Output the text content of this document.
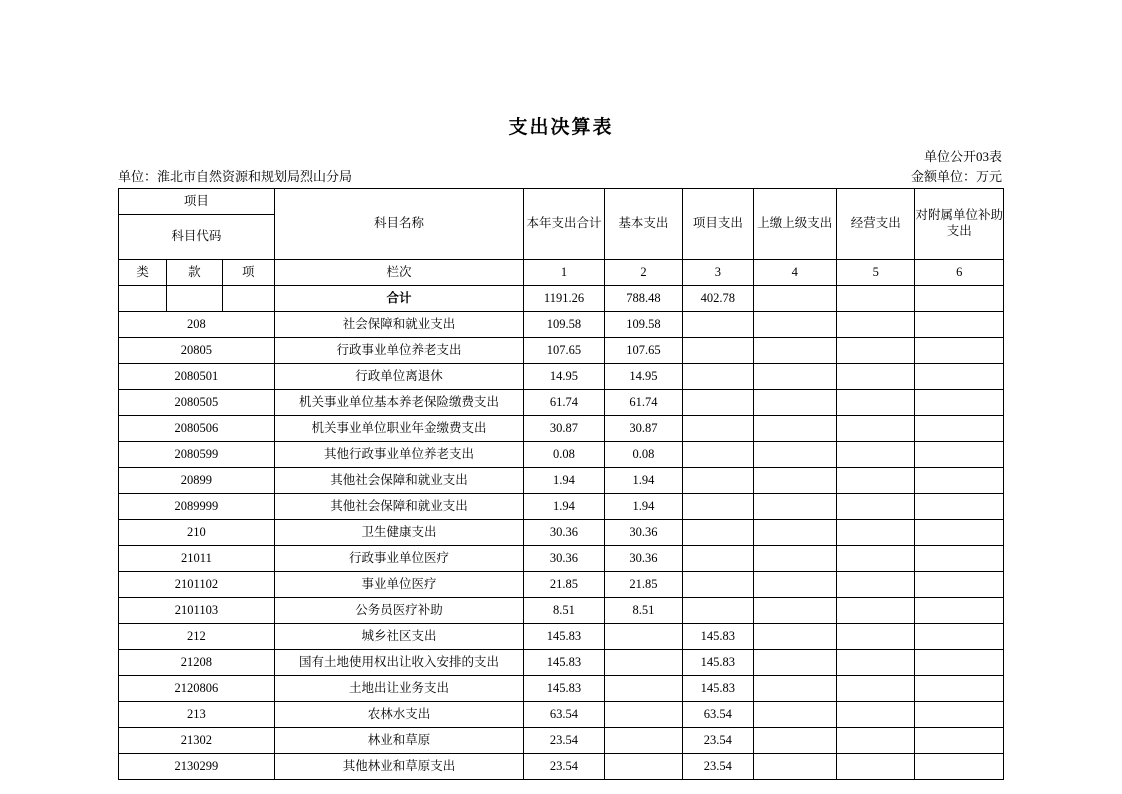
支出决算表
单位公开03表
单位：淮北市自然资源和规划局烈山分局	金额单位：万元
项目			科目名称	本年支出合计	基本支出	项目支出	上缴上级支出	经营支出	对附属单位补助支出
科目代码									
类	款	项	栏次	1	2	3	4	5	6
			合计	1191.26	788.48	402.78			
208			社会保障和就业支出	109.58	109.58				
20805			行政事业单位养老支出	107.65	107.65				
2080501			行政单位离退休	14.95	14.95				
2080505			机关事业单位基本养老保险缴费支出	61.74	61.74				
2080506			机关事业单位职业年金缴费支出	30.87	30.87				
2080599			其他行政事业单位养老支出	0.08	0.08				
20899			其他社会保障和就业支出	1.94	1.94				
2089999			其他社会保障和就业支出	1.94	1.94				
210			卫生健康支出	30.36	30.36				
21011			行政事业单位医疗	30.36	30.36				
2101102			事业单位医疗	21.85	21.85				
2101103			公务员医疗补助	8.51	8.51				
212			城乡社区支出	145.83		145.83			
21208			国有土地使用权出让收入安排的支出	145.83		145.83			
2120806			土地出让业务支出	145.83		145.83			
213			农林水支出	63.54		63.54			
21302			林业和草原	23.54		23.54			
2130299			其他林业和草原支出	23.54		23.54			
